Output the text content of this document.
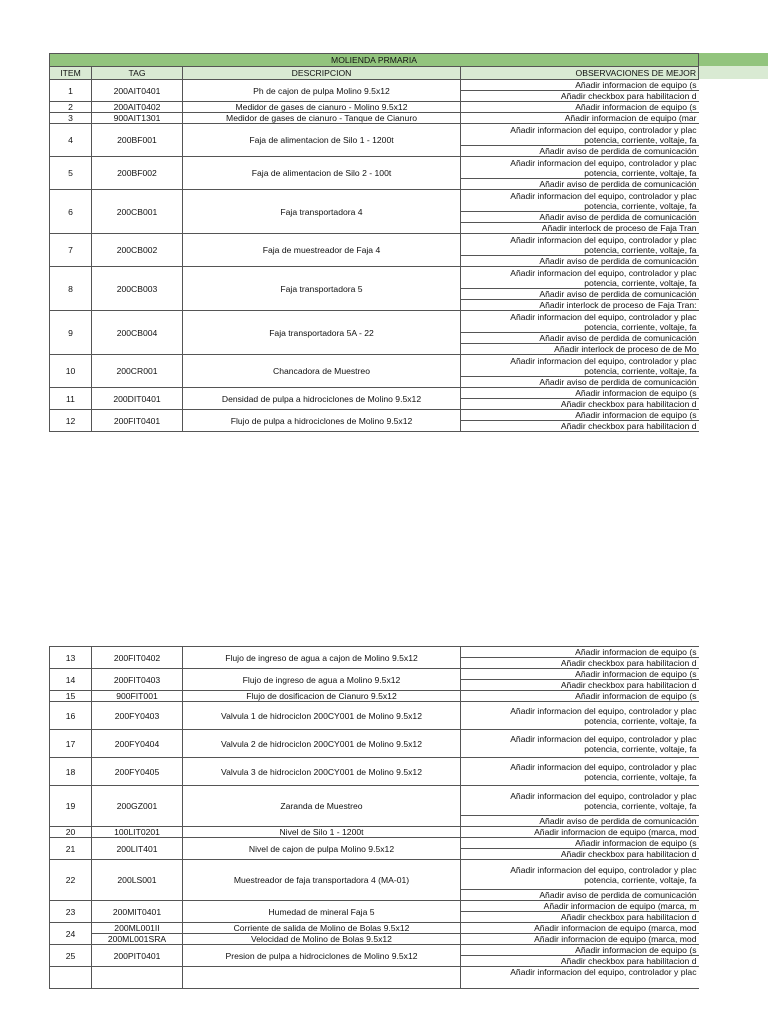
MOLIENDA PRMARIA			
ITEM	TAG	DESCRIPCION	OBSERVACIONES DE MEJOR
1	200AIT0401	Ph de cajon de pulpa Molino 9.5x12	Añadir informacion de equipo (s
			Añadir checkbox para habilitacion d
2	200AIT0402	Medidor de gases de cianuro - Molino 9.5x12	Añadir informacion de equipo (s
3	900AIT1301	Medidor de gases de cianuro - Tanque de Cianuro	Añadir informacion de equipo (mar
4	200BF001	Faja de alimentacion de Silo 1 - 1200t	Añadir informacion del equipo, controlador y plac
potencia, corriente, voltaje, fa
			Añadir aviso de perdida de comunicación
5	200BF002	Faja de alimentacion de Silo 2 - 100t	Añadir informacion del equipo, controlador y plac
potencia, corriente, voltaje, fa
			Añadir aviso de perdida de comunicación
6	200CB001	Faja transportadora 4	Añadir informacion del equipo, controlador y plac
potencia, corriente, voltaje, fa
			Añadir aviso de perdida de comunicación
			Añadir interlock de proceso de Faja Tran
7	200CB002	Faja de muestreador de Faja 4	Añadir informacion del equipo, controlador y plac
potencia, corriente, voltaje, fa
			Añadir aviso de perdida de comunicación
8	200CB003	Faja transportadora 5	Añadir informacion del equipo, controlador y plac
potencia, corriente, voltaje, fa
			Añadir aviso de perdida de comunicación
			Añadir interlock de proceso de Faja Tran:
9	200CB004	Faja transportadora 5A - 22	Añadir informacion del equipo, controlador y plac
potencia, corriente, voltaje, fa
			Añadir aviso de perdida de comunicación
			Añadir interlock de proceso de de Mo
10	200CR001	Chancadora de Muestreo	Añadir informacion del equipo, controlador y plac
potencia, corriente, voltaje, fa
			Añadir aviso de perdida de comunicación
11	200DIT0401	Densidad de pulpa a hidrociclones de Molino 9.5x12	Añadir informacion de equipo (s
			Añadir checkbox para habilitacion d
12	200FIT0401	Flujo de pulpa a hidrociclones de Molino 9.5x12	Añadir informacion de equipo (s
			Añadir checkbox para habilitacion d
13	200FIT0402	Flujo de ingreso de agua a cajon de Molino 9.5x12	Añadir informacion de equipo (s
			Añadir checkbox para habilitacion d
14	200FIT0403	Flujo de ingreso de agua a Molino 9.5x12	Añadir informacion de equipo (s
			Añadir checkbox para habilitacion d
15	900FIT001	Flujo de dosificacion de Cianuro 9.5x12	Añadir informacion de equipo (s
16	200FY0403	Valvula 1 de hidrociclon 200CY001 de Molino 9.5x12	Añadir informacion del equipo, controlador y plac
potencia, corriente, voltaje, fa
17	200FY0404	Valvula 2 de hidrociclon 200CY001 de Molino 9.5x12	Añadir informacion del equipo, controlador y plac
potencia, corriente, voltaje, fa
18	200FY0405	Valvula 3 de hidrociclon 200CY001 de Molino 9.5x12	Añadir informacion del equipo, controlador y plac
potencia, corriente, voltaje, fa
19	200GZ001	Zaranda de Muestreo	Añadir informacion del equipo, controlador y plac
potencia, corriente, voltaje, fa
			Añadir aviso de perdida de comunicación
20	100LIT0201	Nivel de Silo 1 - 1200t	Añadir informacion de equipo (marca, mod
21	200LIT401	Nivel de cajon de pulpa Molino 9.5x12	Añadir informacion de equipo (s
			Añadir checkbox para habilitacion d
22	200LS001	Muestreador de faja transportadora 4 (MA-01)	Añadir informacion del equipo, controlador y plac
potencia, corriente, voltaje, fa
			Añadir aviso de perdida de comunicación
23	200MIT0401	Humedad de mineral Faja 5	Añadir informacion de equipo (marca, m
			Añadir checkbox para habilitacion d
24	200ML001II	Corriente de salida de Molino de Bolas 9.5x12	Añadir informacion de equipo (marca, mod
	200ML001SRA	Velocidad de Molino de Bolas 9.5x12	Añadir informacion de equipo (marca, mod
25	200PIT0401	Presion de pulpa a hidrociclones de Molino 9.5x12	Añadir informacion de equipo (s
			Añadir checkbox para habilitacion d
			Añadir informacion del equipo, controlador y plac
